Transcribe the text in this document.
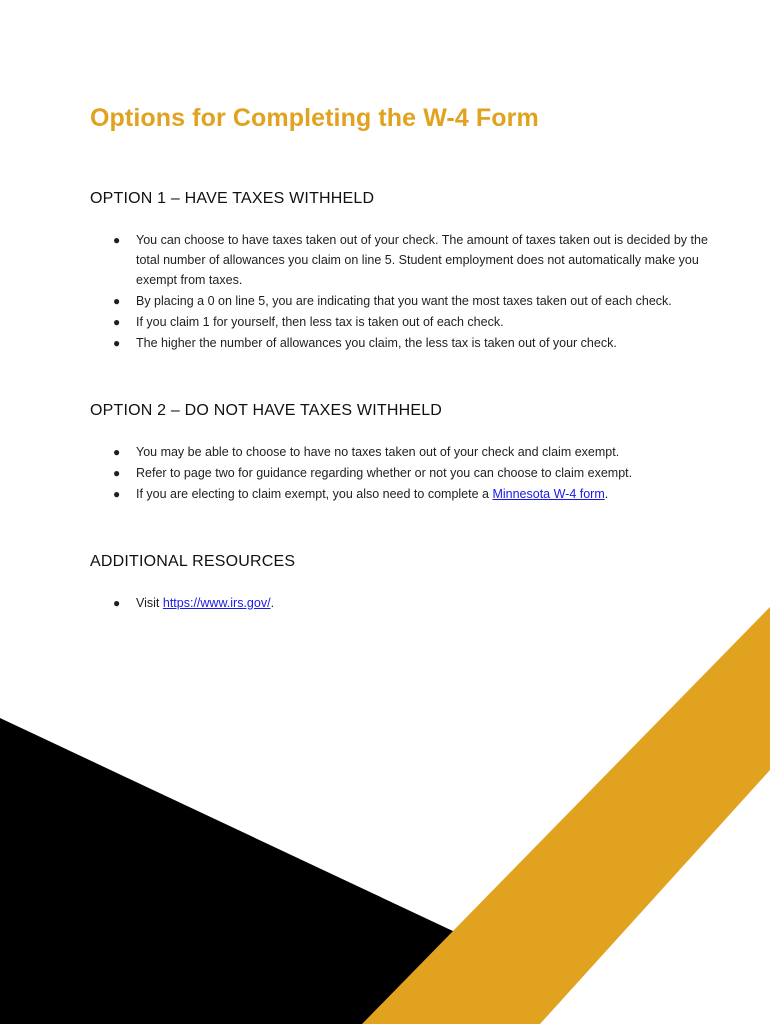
Options for Completing the W-4 Form
OPTION 1 – HAVE TAXES WITHHELD
● You can choose to have taxes taken out of your check. The amount of taxes taken out is decided by the total number of allowances you claim on line 5. Student employment does not automatically make you exempt from taxes.
● By placing a 0 on line 5, you are indicating that you want the most taxes taken out of each check.
● If you claim 1 for yourself, then less tax is taken out of each check.
● The higher the number of allowances you claim, the less tax is taken out of your check.
OPTION 2 – DO NOT HAVE TAXES WITHHELD
● You may be able to choose to have no taxes taken out of your check and claim exempt.
● Refer to page two for guidance regarding whether or not you can choose to claim exempt.
● If you are electing to claim exempt, you also need to complete a Minnesota W-4 form.
ADDITIONAL RESOURCES
● Visit https://www.irs.gov/.
